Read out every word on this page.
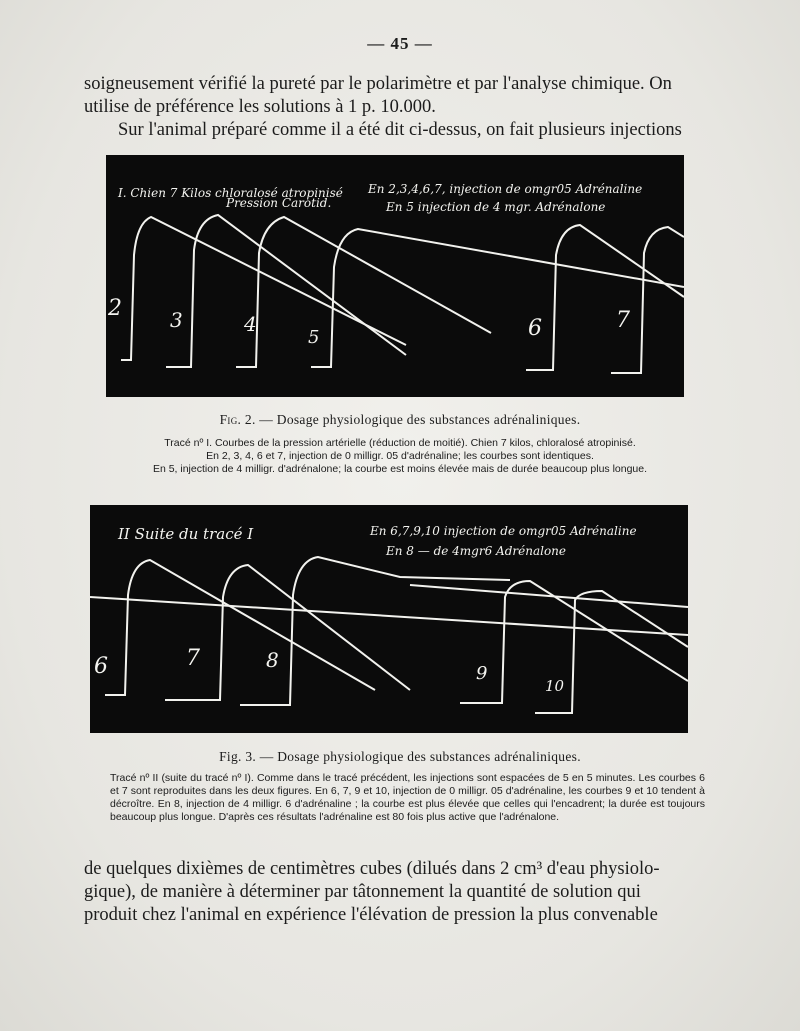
— 45 —

soigneusement vérifié la pureté par le polarimètre et par l'analyse chimique. On

utilise de préférence les solutions à 1 p. 10.000.

Sur l'animal préparé comme il a été dit ci-dessus, on fait plusieurs injections

I. Chien 7 Kilos chloralosé atropinisé
Pression Carotid.
En 2,3,4,6,7, injection de omgr05 Adrénaline
En 5 injection de 4 mgr. Adrénalone
2 3	4
5	6	7
Fig. 2. — Dosage physiologique des substances adrénaliniques.

Tracé nº I. Courbes de la pression artérielle (réduction de moitié). Chien 7 kilos, chloralosé atropinisé.

En 2, 3, 4, 6 et 7, injection de 0 milligr. 05 d'adrénaline; les courbes sont identiques.

En 5, injection de 4 milligr. d'adrénalone; la courbe est moins élevée mais de durée beaucoup plus longue.

II Suite du tracé I	En 6,7,9,10 injection de omgr05 Adrénaline
En 8 — de 4mgr6 Adrénalone
6	7	8
9
10
Fig. 3. — Dosage physiologique des substances adrénaliniques.

Tracé nº II (suite du tracé nº I). Comme dans le tracé précédent, les injections sont espacées de 5 en 5 minutes. Les courbes 6 et 7 sont reproduites dans les deux figures. En 6, 7, 9 et 10, injection de 0 milligr. 05 d'adrénaline, les courbes 9 et 10 tendent à décroître. En 8, injection de 4 milligr. 6 d'adrénaline ; la courbe est plus élevée que celles qui l'encadrent; la durée est toujours beaucoup plus longue. D'après ces résultats l'adrénaline est 80 fois plus active que l'adrénalone.

de quelques dixièmes de centimètres cubes (dilués dans 2 cm³ d'eau physiolo-

gique), de manière à déterminer par tâtonnement la quantité de solution qui

produit chez l'animal en expérience l'élévation de pression la plus convenable
